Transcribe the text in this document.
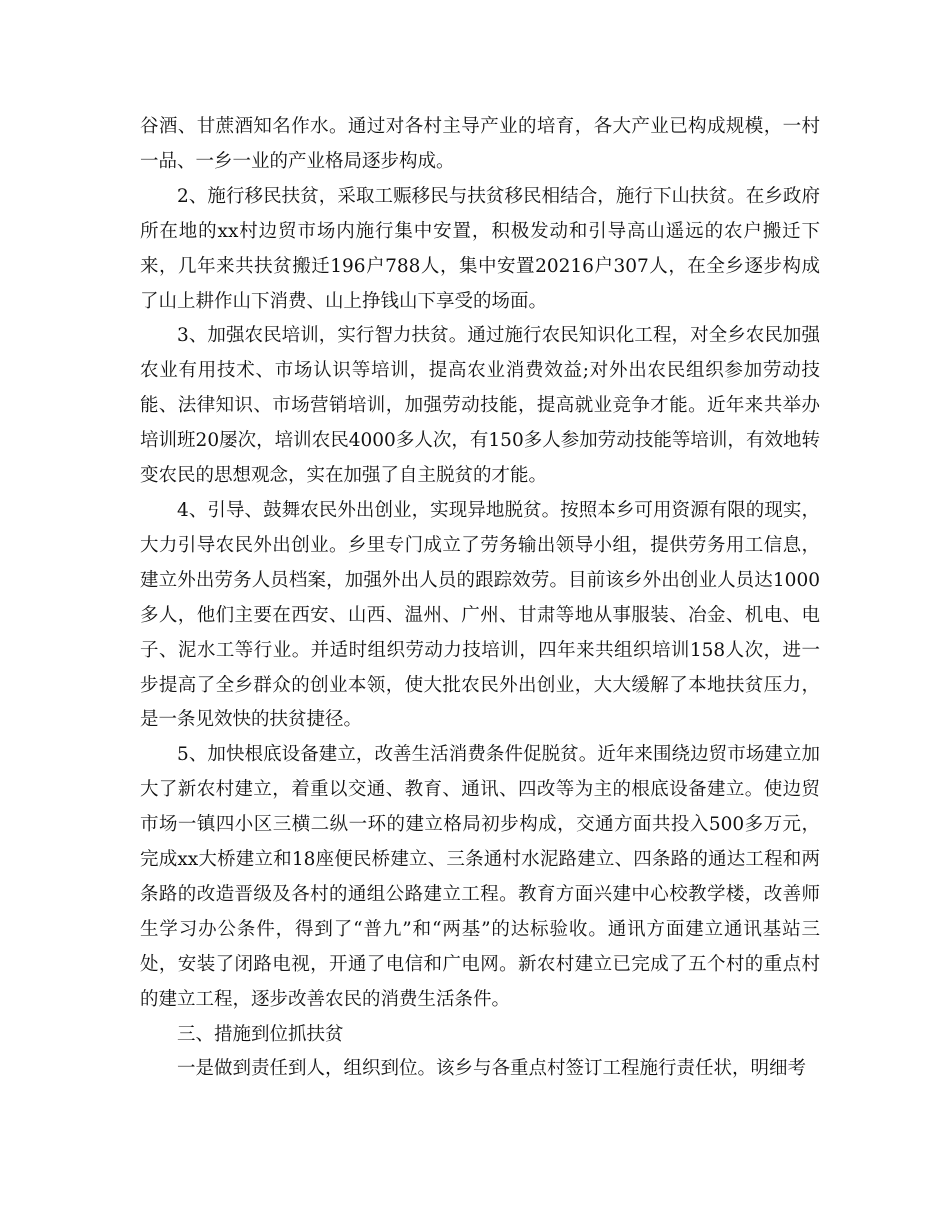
谷酒、甘蔗酒知名作水。通过对各村主导产业的培育，各大产业已构成规模，一村一品、一乡一业的产业格局逐步构成。

2、施行移民扶贫，采取工赈移民与扶贫移民相结合，施行下山扶贫。在乡政府所在地的xx村边贸市场内施行集中安置，积极发动和引导高山遥远的农户搬迁下来，几年来共扶贫搬迁196户788人，集中安置20216户307人，在全乡逐步构成了山上耕作山下消费、山上挣钱山下享受的场面。

3、加强农民培训，实行智力扶贫。通过施行农民知识化工程，对全乡农民加强农业有用技术、市场认识等培训，提高农业消费效益;对外出农民组织参加劳动技能、法律知识、市场营销培训，加强劳动技能，提高就业竞争才能。近年来共举办培训班20屡次，培训农民4000多人次，有150多人参加劳动技能等培训，有效地转变农民的思想观念，实在加强了自主脱贫的才能。

4、引导、鼓舞农民外出创业，实现异地脱贫。按照本乡可用资源有限的现实，大力引导农民外出创业。乡里专门成立了劳务输出领导小组，提供劳务用工信息，建立外出劳务人员档案，加强外出人员的跟踪效劳。目前该乡外出创业人员达1000多人，他们主要在西安、山西、温州、广州、甘肃等地从事服装、冶金、机电、电子、泥水工等行业。并适时组织劳动力技培训，四年来共组织培训158人次，进一步提高了全乡群众的创业本领，使大批农民外出创业，大大缓解了本地扶贫压力，是一条见效快的扶贫捷径。

5、加快根底设备建立，改善生活消费条件促脱贫。近年来围绕边贸市场建立加大了新农村建立，着重以交通、教育、通讯、四改等为主的根底设备建立。使边贸市场一镇四小区三横二纵一环的建立格局初步构成，交通方面共投入500多万元，完成xx大桥建立和18座便民桥建立、三条通村水泥路建立、四条路的通达工程和两条路的改造晋级及各村的通组公路建立工程。教育方面兴建中心校教学楼，改善师生学习办公条件，得到了“普九”和“两基”的达标验收。通讯方面建立通讯基站三处，安装了闭路电视，开通了电信和广电网。新农村建立已完成了五个村的重点村的建立工程，逐步改善农民的消费生活条件。

三、措施到位抓扶贫

一是做到责任到人，组织到位。该乡与各重点村签订工程施行责任状，明细考
